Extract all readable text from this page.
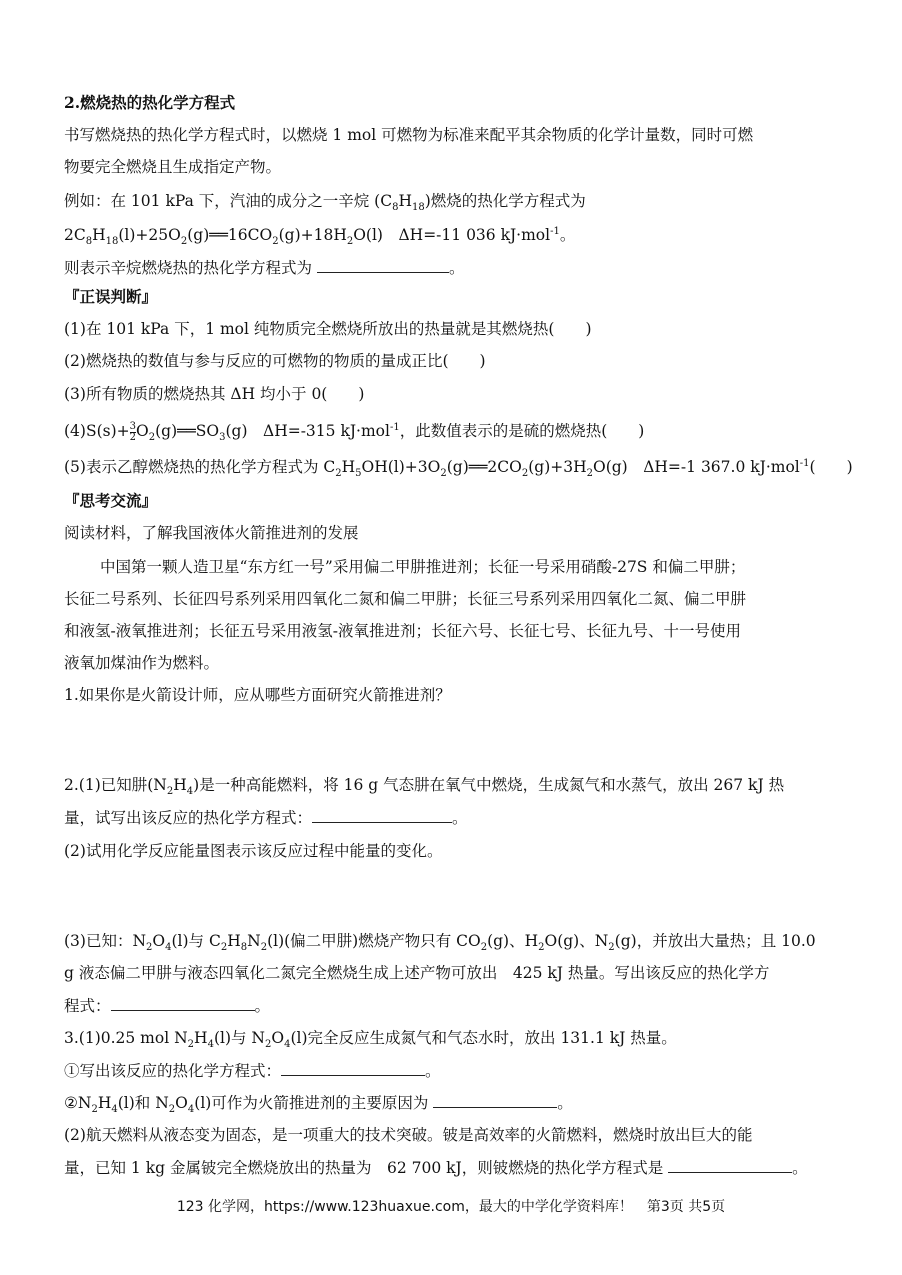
2.燃烧热的热化学方程式
书写燃烧热的热化学方程式时，以燃烧 1 mol 可燃物为标准来配平其余物质的化学计量数，同时可燃
物要完全燃烧且生成指定产物。
例如：在 101 kPa 下，汽油的成分之一辛烷 $(C_8H_{18})$燃烧的热化学方程式为
$2C_8H_{18}(l)+25O_2(g)══16CO_2(g)+18H_2O(l)$　ΔH=-11 036 kJ·mol$^{-1}$。
则表示辛烷燃烧热的热化学方程式为	。
『正误判断』
(1)在 101 kPa 下，1 mol 纯物质完全燃烧所放出的热量就是其燃烧热(　　)
(2)燃烧热的数值与参与反应的可燃物的物质的量成正比(　　)
(3)所有物质的燃烧热其 ΔH 均小于 0(　　)
$(4)S(s)+ \frac{3}{2}$ $O_2(g)══SO_3(g)$　ΔH=-315 kJ·mol$^{-1}$，此数值表示的是硫的燃烧热(　　)
(5)表示乙醇燃烧热的热化学方程式为 $C_2H_5OH(l)+3O_2(g)══2CO_2(g)+3H_2O(g)$　ΔH=-1 367.0 kJ·mol$^{-1}$(　　)
『思考交流』
阅读材料，了解我国液体火箭推进剂的发展
中国第一颗人造卫星“东方红一号”采用偏二甲肼推进剂；长征一号采用硝酸-27S 和偏二甲肼；
长征二号系列、长征四号系列采用四氧化二氮和偏二甲肼；长征三号系列采用四氧化二氮、偏二甲肼
和液氢-液氧推进剂；长征五号采用液氢-液氧推进剂；长征六号、长征七号、长征九号、十一号使用
液氧加煤油作为燃料。
1.如果你是火箭设计师，应从哪些方面研究火箭推进剂？
2.(1)已知肼$(N_2H_4)$是一种高能燃料，将 16 g 气态肼在氧气中燃烧，生成氮气和水蒸气，放出 267 kJ 热
量，试写出该反应的热化学方程式：	。
(2)试用化学反应能量图表示该反应过程中能量的变化。
(3)已知：$N_2O_4(l)$与 $C_2H_8N_2(l)$(偏二甲肼)燃烧产物只有 $CO_2(g)$、$H_2O(g)$、$N_2(g)$，并放出大量热；且 10.0
g 液态偏二甲肼与液态四氧化二氮完全燃烧生成上述产物可放出　425 kJ 热量。写出该反应的热化学方
程式：	。
3.(1)0.25 mol $N_2H_4(l)$与 $N_2O_4(l)$完全反应生成氮气和气态水时，放出 131.1 kJ 热量。
①写出该反应的热化学方程式：	。
$②N_2H_4(l)$和 $N_2O_4(l)$可作为火箭推进剂的主要原因为	。
(2)航天燃料从液态变为固态，是一项重大的技术突破。铍是高效率的火箭燃料，燃烧时放出巨大的能
量，已知 1 kg 金属铍完全燃烧放出的热量为　62 700 kJ，则铍燃烧的热化学方程式是	。
123 化学网，https://www.123huaxue.com，最大的中学化学资料库！　第3页 共5页
